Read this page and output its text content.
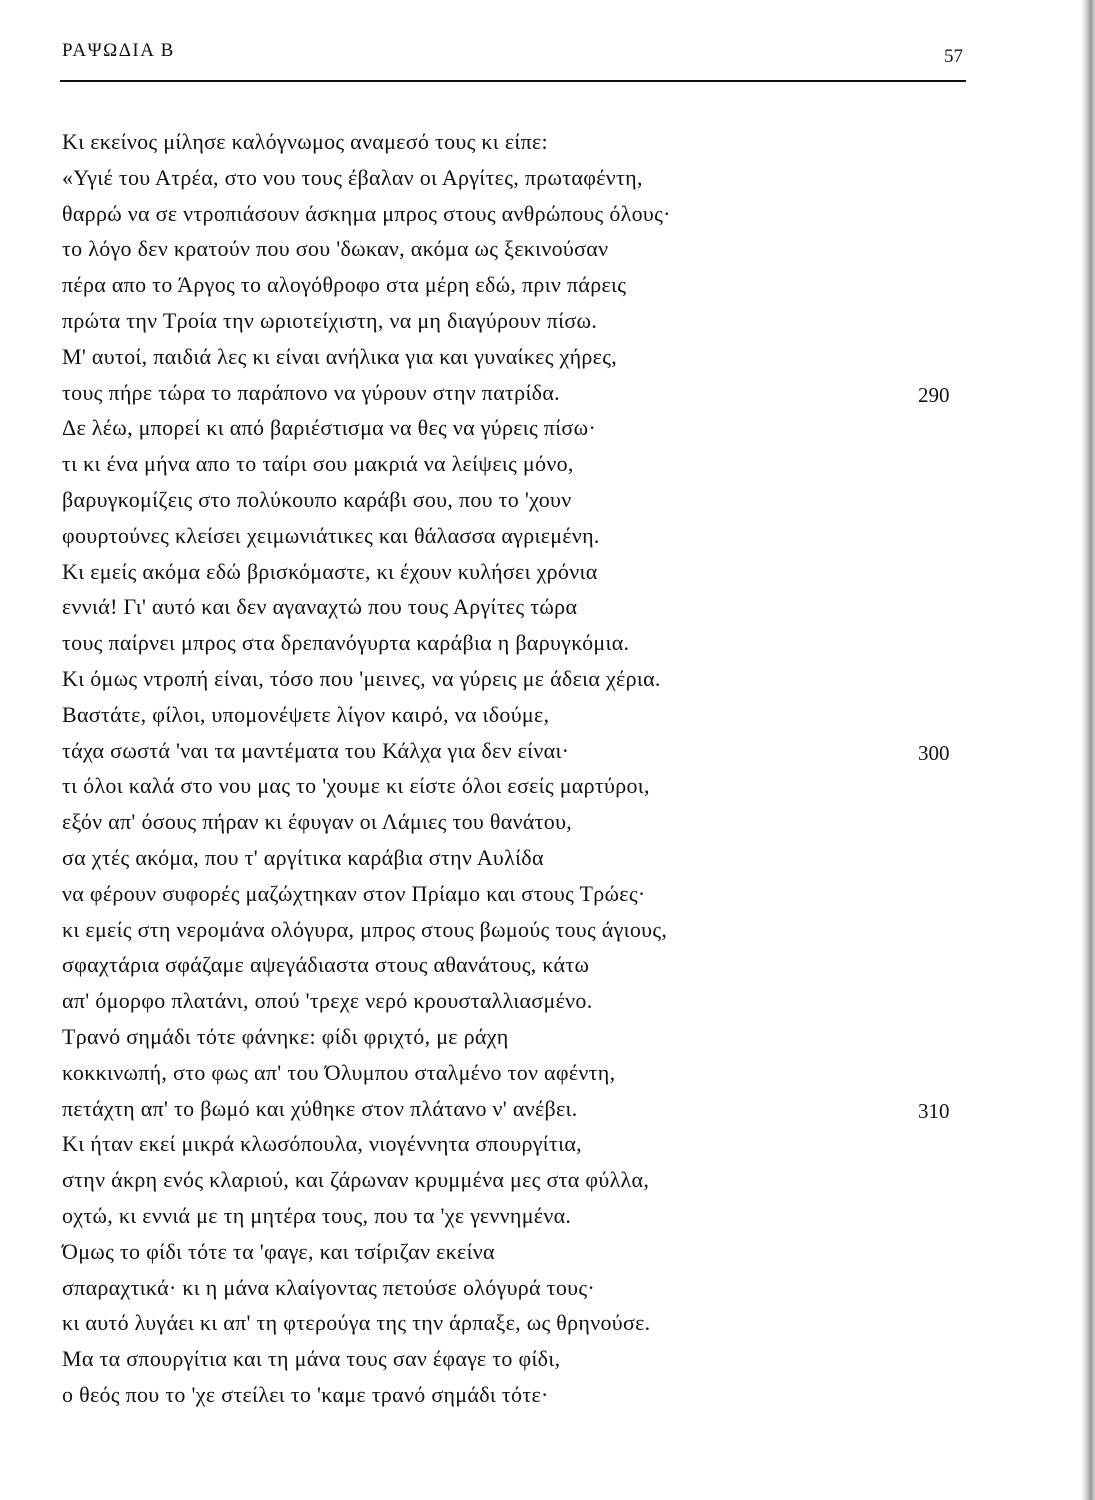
ΡΑΨΩΔΙΑ Β	57
Κι εκείνος μίλησε καλόγνωμος αναμεσό τους κι είπε:
«Υγιέ του Ατρέα, στο νου τους έβαλαν οι Αργίτες, πρωταφέντη,
θαρρώ να σε ντροπιάσουν άσκημα μπρος στους ανθρώπους όλους·
το λόγο δεν κρατούν που σου 'δωκαν, ακόμα ως ξεκινούσαν
πέρα απο το Άργος το αλογόθροφο στα μέρη εδώ, πριν πάρεις
πρώτα την Τροία την ωριοτείχιστη, να μη διαγύρουν πίσω.
Μ' αυτοί, παιδιά λες κι είναι ανήλικα για και γυναίκες χήρες,
τους πήρε τώρα το παράπονο να γύρουν στην πατρίδα.	290
Δε λέω, μπορεί κι από βαριέστισμα να θες να γύρεις πίσω·
τι κι ένα μήνα απο το ταίρι σου μακριά να λείψεις μόνο,
βαρυγκομίζεις στο πολύκουπο καράβι σου, που το 'χουν
φουρτούνες κλείσει χειμωνιάτικες και θάλασσα αγριεμένη.
Κι εμείς ακόμα εδώ βρισκόμαστε, κι έχουν κυλήσει χρόνια
εννιά! Γι' αυτό και δεν αγαναχτώ που τους Αργίτες τώρα
τους παίρνει μπρος στα δρεπανόγυρτα καράβια η βαρυγκόμια.
Κι όμως ντροπή είναι, τόσο που 'μεινες, να γύρεις με άδεια χέρια.
Βαστάτε, φίλοι, υπομονέψετε λίγον καιρό, να ιδούμε,
τάχα σωστά 'ναι τα μαντέματα του Κάλχα για δεν είναι·	300
τι όλοι καλά στο νου μας το 'χουμε κι είστε όλοι εσείς μαρτύροι,
εξόν απ' όσους πήραν κι έφυγαν οι Λάμιες του θανάτου,
σα χτές ακόμα, που τ' αργίτικα καράβια στην Αυλίδα
να φέρουν συφορές μαζώχτηκαν στον Πρίαμο και στους Τρώες·
κι εμείς στη νερομάνα ολόγυρα, μπρος στους βωμούς τους άγιους,
σφαχτάρια σφάζαμε αψεγάδιαστα στους αθανάτους, κάτω
απ' όμορφο πλατάνι, οπού 'τρεχε νερό κρουσταλλιασμένο.
Τρανό σημάδι τότε φάνηκε: φίδι φριχτό, με ράχη
κοκκινωπή, στο φως απ' του Όλυμπου σταλμένο τον αφέντη,
πετάχτη απ' το βωμό και χύθηκε στον πλάτανο ν' ανέβει.	310
Κι ήταν εκεί μικρά κλωσόπουλα, νιογέννητα σπουργίτια,
στην άκρη ενός κλαριού, και ζάρωναν κρυμμένα μες στα φύλλα,
οχτώ, κι εννιά με τη μητέρα τους, που τα 'χε γεννημένα.
Όμως το φίδι τότε τα 'φαγε, και τσίριζαν εκείνα
σπαραχτικά· κι η μάνα κλαίγοντας πετούσε ολόγυρά τους·
κι αυτό λυγάει κι απ' τη φτερούγα της την άρπαξε, ως θρηνούσε.
Μα τα σπουργίτια και τη μάνα τους σαν έφαγε το φίδι,
ο θεός που το 'χε στείλει το 'καμε τρανό σημάδι τότε·
